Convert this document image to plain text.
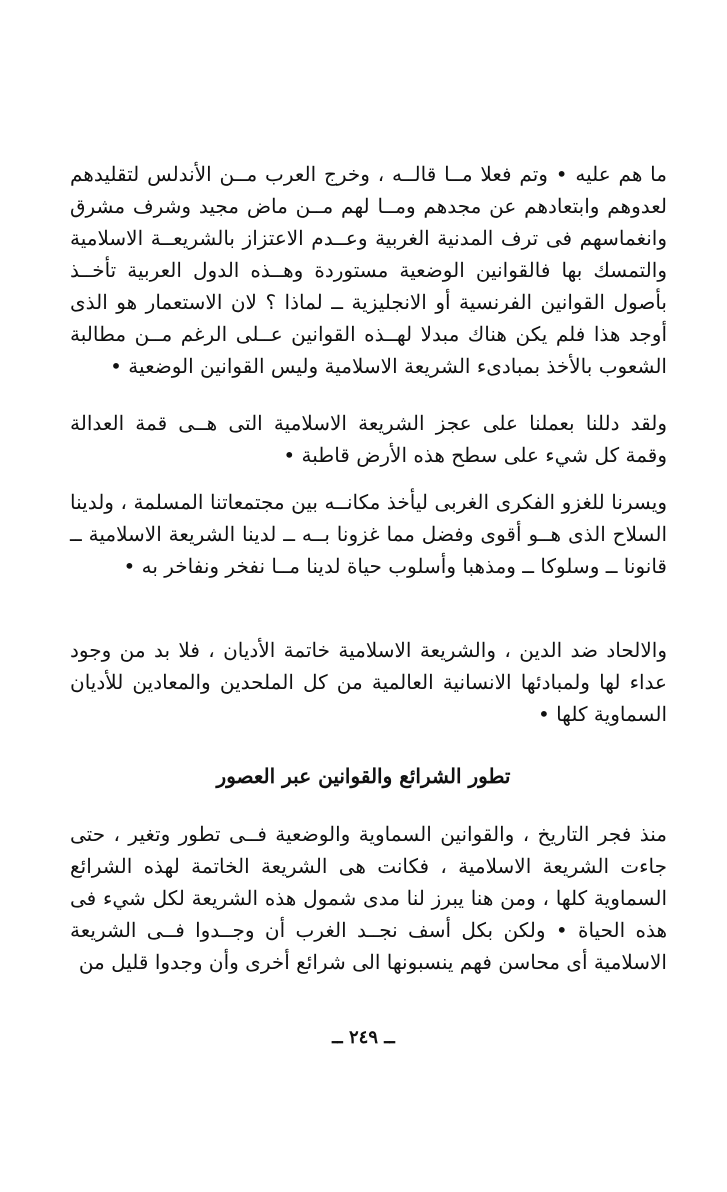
ما هم عليه • وتم فعلا مــا قالــه ، وخرج العرب مــن الأندلس لتقليدهم لعدوهم وابتعادهم عن مجدهم ومــا لهم مــن ماض مجيد وشرف مشرق وانغماسهم فى ترف المدنية الغربية وعــدم الاعتزاز بالشريعــة الاسلامية والتمسك بها فالقوانين الوضعية مستوردة وهــذه الدول العربية تأخــذ بأصول القوانين الفرنسية أو الانجليزية ــ لماذا ؟ لان الاستعمار هو الذى أوجد هذا فلم يكن هناك مبدلا لهــذه القوانين عــلى الرغم مــن مطالبة الشعوب بالأخذ بمبادىء الشريعة الاسلامية وليس القوانين الوضعية •
ولقد دللنا بعملنا على عجز الشريعة الاسلامية التى هــى قمة العدالة وقمة كل شيء على سطح هذه الأرض قاطبة •
ويسرنا للغزو الفكرى الغربى ليأخذ مكانــه بين مجتمعاتنا المسلمة ، ولدينا السلاح الذى هــو أقوى وفضل مما غزونا بــه ــ لدينا الشريعة الاسلامية ــ قانونا ــ وسلوكا ــ ومذهبا وأسلوب حياة لدينا مــا نفخر ونفاخر به •
والالحاد ضد الدين ، والشريعة الاسلامية خاتمة الأديان ، فلا بد من وجود عداء لها ولمبادئها الانسانية العالمية من كل الملحدين والمعادين للأديان السماوية كلها •
تطور الشرائع والقوانين عبر العصور
منذ فجر التاريخ ، والقوانين السماوية والوضعية فــى تطور وتغير ، حتى جاءت الشريعة الاسلامية ، فكانت هى الشريعة الخاتمة لهذه الشرائع السماوية كلها ، ومن هنا يبرز لنا مدى شمول هذه الشريعة لكل شيء فى هذه الحياة • ولكن بكل أسف نجــد الغرب أن وجــدوا فــى الشريعة الاسلامية أى محاسن فهم ينسبونها الى شرائع أخرى وأن وجدوا قليل من
ــ ٢٤٩ ــ
